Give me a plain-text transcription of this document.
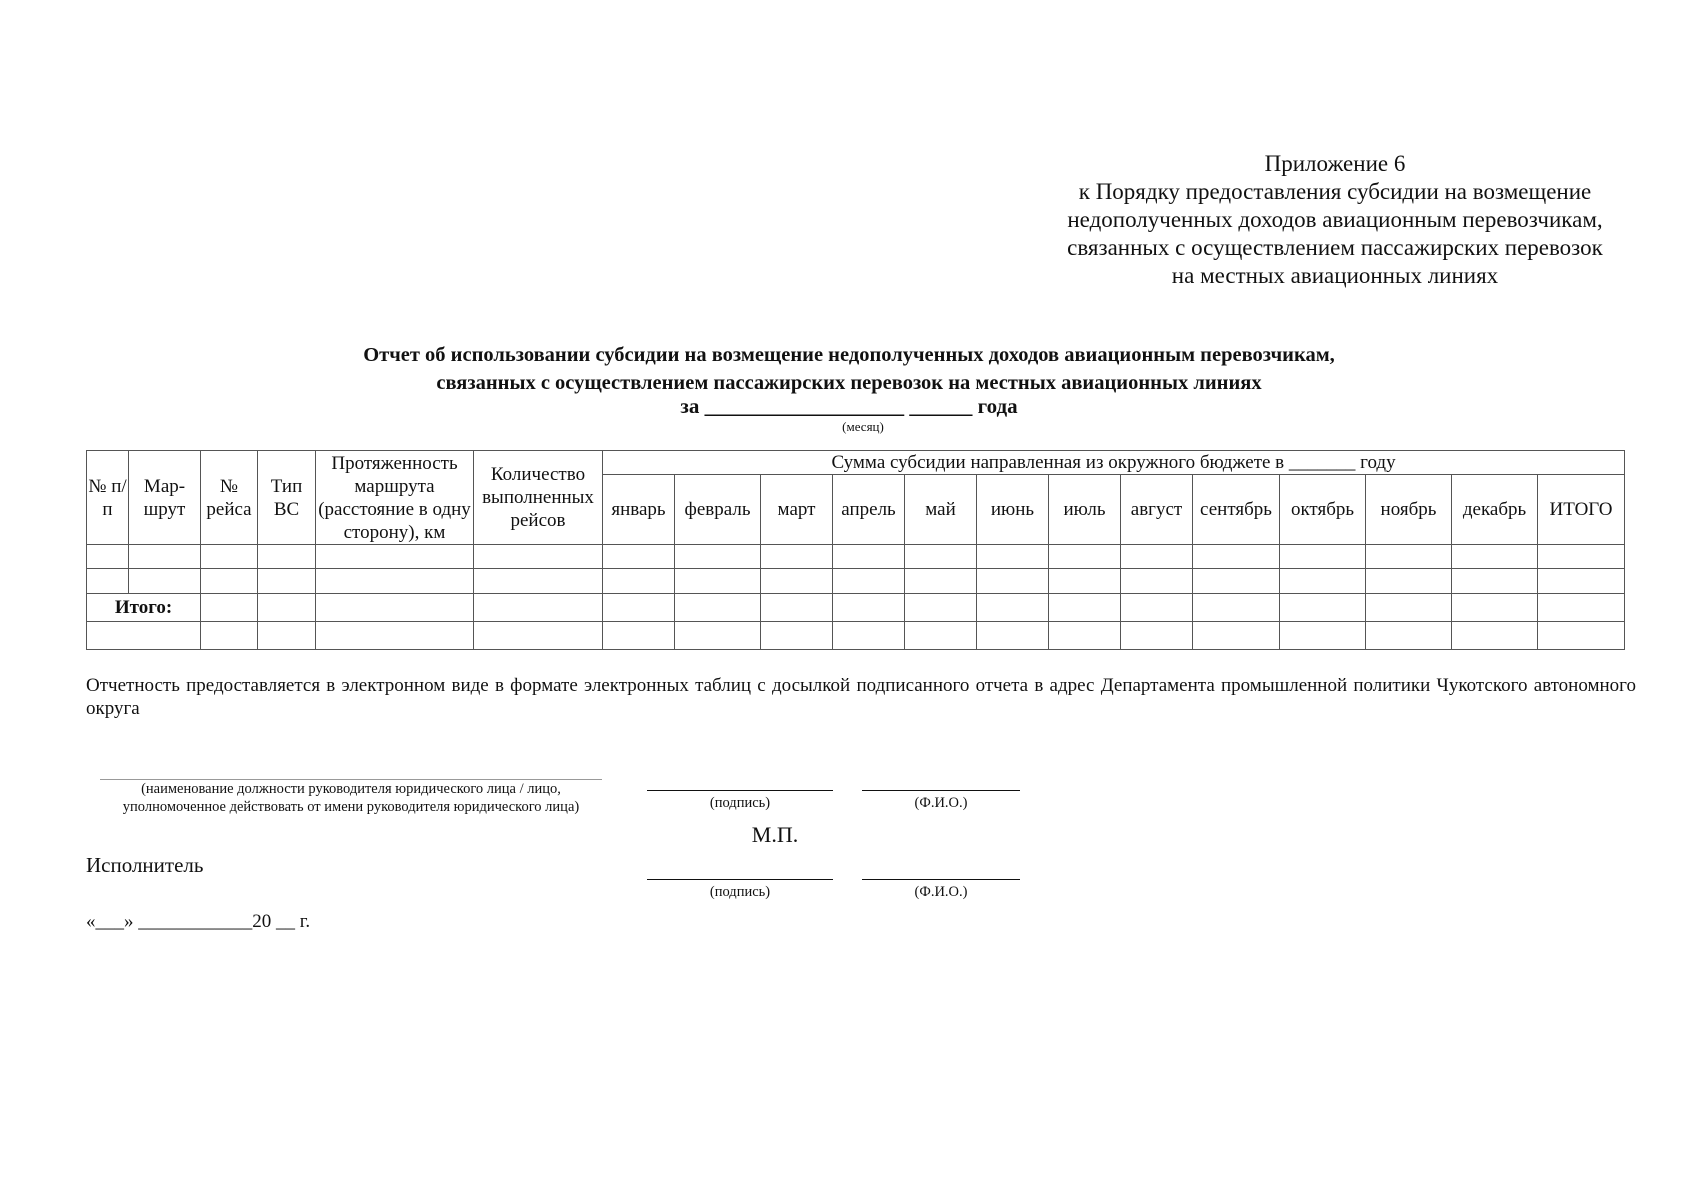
Приложение 6
к Порядку предоставления субсидии на возмещение
недополученных доходов авиационным перевозчикам,
связанных с осуществлением пассажирских перевозок
на местных авиационных линиях
Отчет об использовании субсидии на возмещение недополученных доходов авиационным перевозчикам,
связанных с осуществлением пассажирских перевозок на местных авиационных линиях
за ___________________ ______ года
(месяц)
№ п/п	Мар- шрут	№ рейса	Тип ВС	Протяженность маршрута (расстояние в одну сторону), км	Количество выполненных рейсов	Сумма субсидии направленная из окружного бюджете в _______ году												
						январь	февраль	март	апрель	май	июнь	июль	август	сентябрь	октябрь	ноябрь	декабрь	ИТОГО

Итого:																		

Отчетность предоставляется в электронном виде в формате электронных таблиц с досылкой подписанного отчета в адрес Департамента промышленной политики Чукотского автономного округа
(наименование должности руководителя юридического лица / лицо,
уполномоченное действовать от имени руководителя юридического лица)	(подпись)	(Ф.И.О.)
М.П.
Исполнитель
(подпись)	(Ф.И.О.)
«___» ____________20 __ г.
